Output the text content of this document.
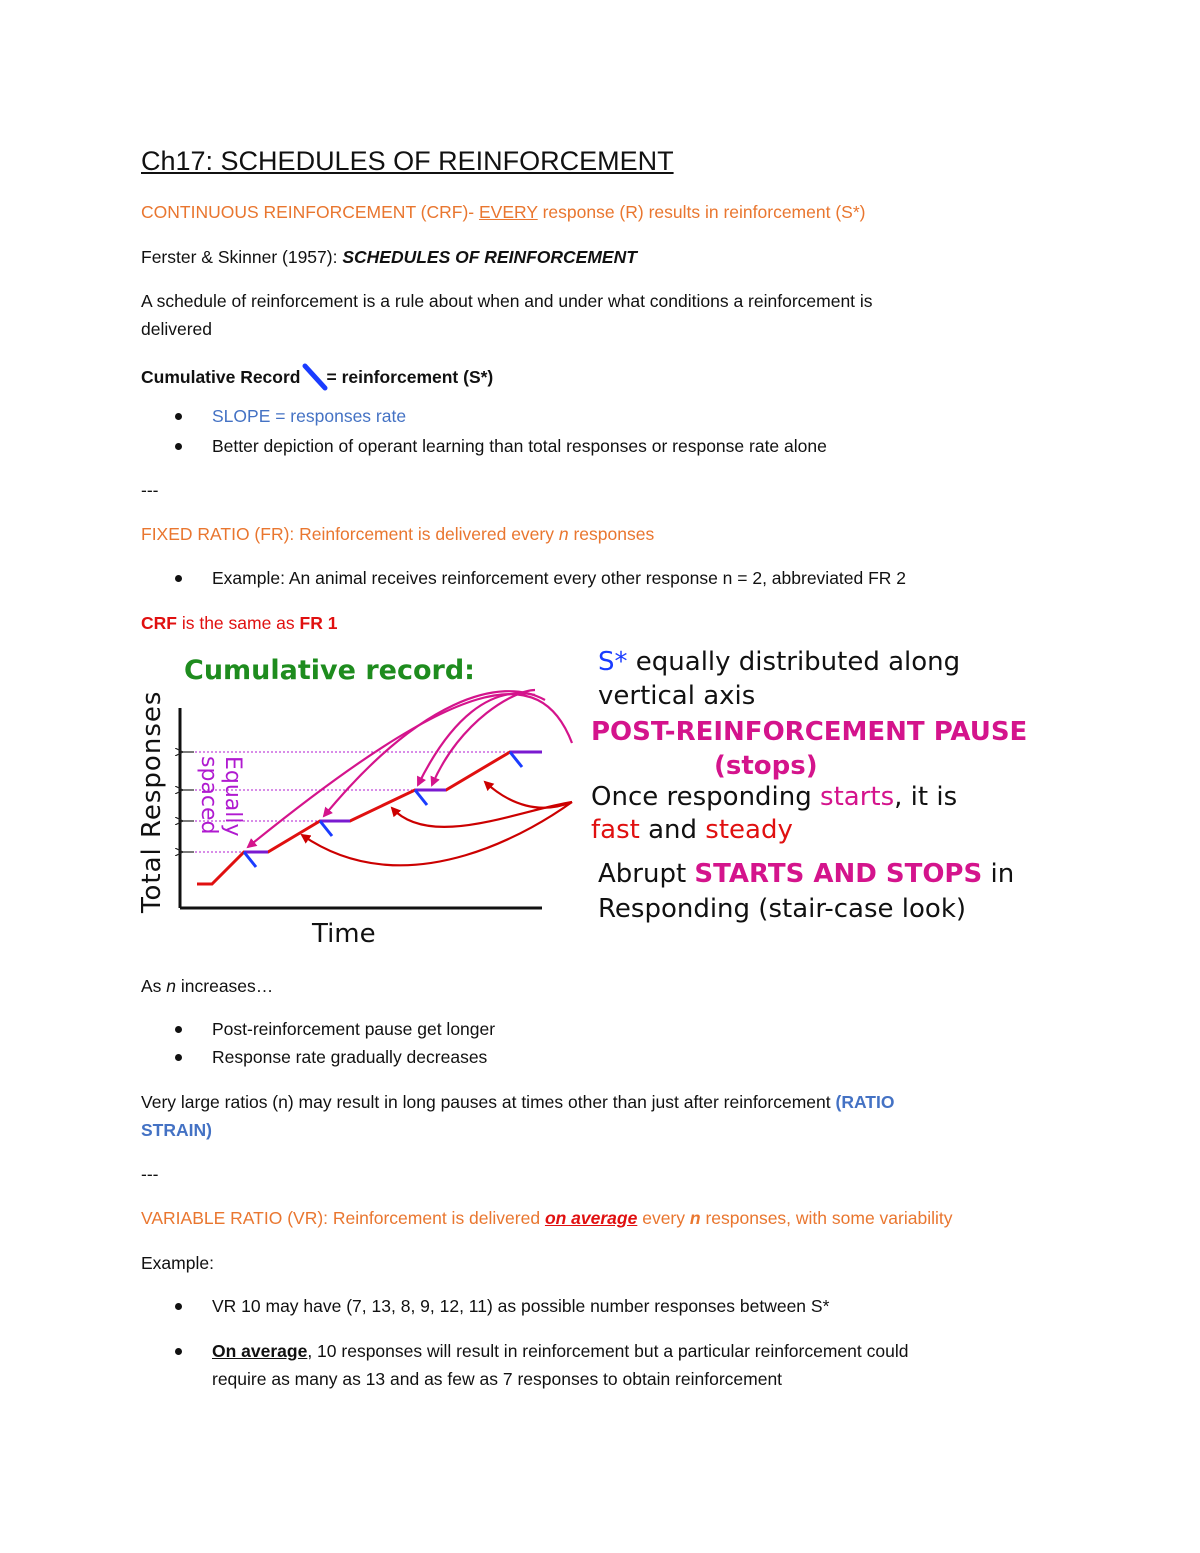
Ch17: SCHEDULES OF REINFORCEMENT
CONTINUOUS REINFORCEMENT (CRF)- EVERY response (R) results in reinforcement (S*)
Ferster & Skinner (1957): SCHEDULES OF REINFORCEMENT
A schedule of reinforcement is a rule about when and under what conditions a reinforcement is
delivered
Cumulative Record = reinforcement (S*)
SLOPE = responses rate
Better depiction of operant learning than total responses or response rate alone
---
FIXED RATIO (FR): Reinforcement is delivered every n responses
Example: An animal receives reinforcement every other response n = 2, abbreviated FR 2
CRF is the same as FR 1
Cumulative record:
Total Responses
Time
Equally
spaced
S* equally distributed along
vertical axis
POST-REINFORCEMENT PAUSE
(stops)
Once responding starts, it is
fast and steady
Abrupt STARTS AND STOPS in
Responding (stair-case look)
As n increases…
Post-reinforcement pause get longer
Response rate gradually decreases
Very large ratios (n) may result in long pauses at times other than just after reinforcement (RATIO
STRAIN)
---
VARIABLE RATIO (VR): Reinforcement is delivered on average every n responses, with some variability
Example:
VR 10 may have (7, 13, 8, 9, 12, 11) as possible number responses between S*
On average, 10 responses will result in reinforcement but a particular reinforcement could
require as many as 13 and as few as 7 responses to obtain reinforcement
